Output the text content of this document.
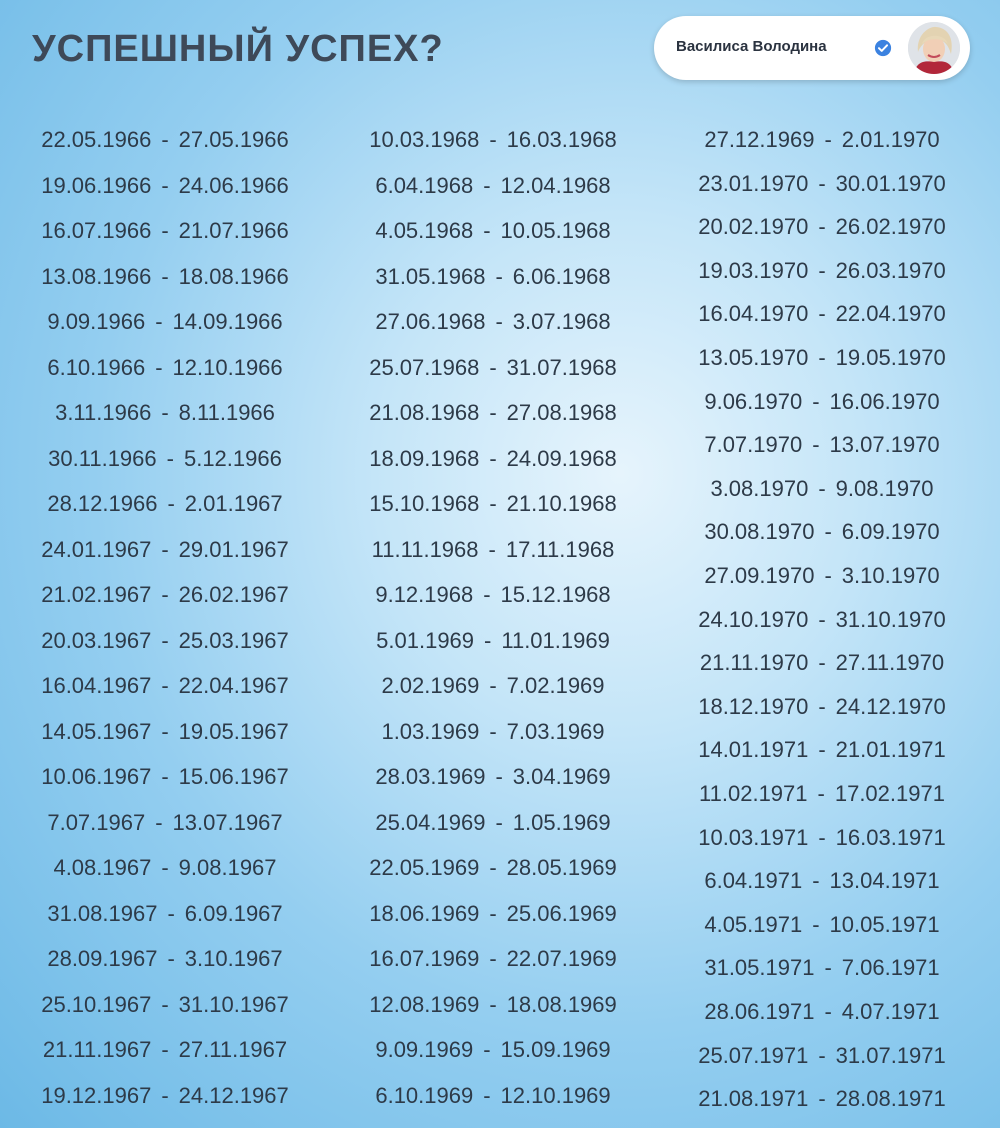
УСПЕШНЫЙ УСПЕХ?	Василиса Володина
22.05.1966 - 27.05.1966
19.06.1966 - 24.06.1966
16.07.1966 - 21.07.1966
13.08.1966 - 18.08.1966
9.09.1966 - 14.09.1966
6.10.1966 - 12.10.1966
3.11.1966 - 8.11.1966
30.11.1966 - 5.12.1966
28.12.1966 - 2.01.1967
24.01.1967 - 29.01.1967
21.02.1967 - 26.02.1967
20.03.1967 - 25.03.1967
16.04.1967 - 22.04.1967
14.05.1967 - 19.05.1967
10.06.1967 - 15.06.1967
7.07.1967 - 13.07.1967
4.08.1967 - 9.08.1967
31.08.1967 - 6.09.1967
28.09.1967 - 3.10.1967
25.10.1967 - 31.10.1967
21.11.1967 - 27.11.1967
19.12.1967 - 24.12.1967
10.03.1968 - 16.03.1968
6.04.1968 - 12.04.1968
4.05.1968 - 10.05.1968
31.05.1968 - 6.06.1968
27.06.1968 - 3.07.1968
25.07.1968 - 31.07.1968
21.08.1968 - 27.08.1968
18.09.1968 - 24.09.1968
15.10.1968 - 21.10.1968
11.11.1968 - 17.11.1968
9.12.1968 - 15.12.1968
5.01.1969 - 11.01.1969
2.02.1969 - 7.02.1969
1.03.1969 - 7.03.1969
28.03.1969 - 3.04.1969
25.04.1969 - 1.05.1969
22.05.1969 - 28.05.1969
18.06.1969 - 25.06.1969
16.07.1969 - 22.07.1969
12.08.1969 - 18.08.1969
9.09.1969 - 15.09.1969
6.10.1969 - 12.10.1969
27.12.1969 - 2.01.1970
23.01.1970 - 30.01.1970
20.02.1970 - 26.02.1970
19.03.1970 - 26.03.1970
16.04.1970 - 22.04.1970
13.05.1970 - 19.05.1970
9.06.1970 - 16.06.1970
7.07.1970 - 13.07.1970
3.08.1970 - 9.08.1970
30.08.1970 - 6.09.1970
27.09.1970 - 3.10.1970
24.10.1970 - 31.10.1970
21.11.1970 - 27.11.1970
18.12.1970 - 24.12.1970
14.01.1971 - 21.01.1971
11.02.1971 - 17.02.1971
10.03.1971 - 16.03.1971
6.04.1971 - 13.04.1971
4.05.1971 - 10.05.1971
31.05.1971 - 7.06.1971
28.06.1971 - 4.07.1971
25.07.1971 - 31.07.1971
21.08.1971 - 28.08.1971
